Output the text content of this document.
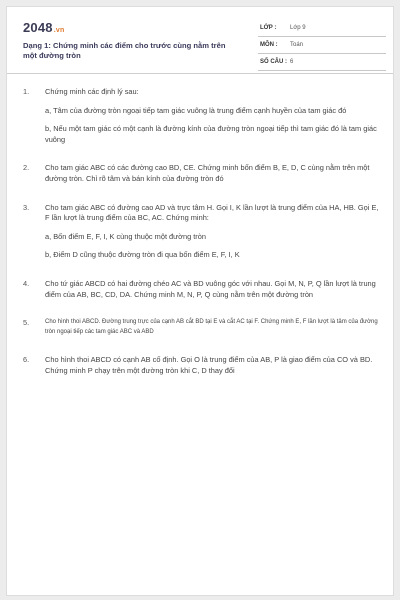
2048.vn
Dạng 1: Chứng minh các điểm cho trước cùng nằm trên một đường tròn
LỚP : Lớp 9
MÔN : Toán
SỐ CÂU : 6
1. Chứng minh các định lý sau:

a, Tâm của đường tròn ngoại tiếp tam giác vuông là trung điểm cạnh huyền của tam giác đó

b, Nếu một tam giác có một cạnh là đường kính của đường tròn ngoại tiếp thì tam giác đó là tam giác vuông

2. Cho tam giác ABC có các đường cao BD, CE. Chứng minh bốn điểm B, E, D, C cùng nằm trên một đường tròn. Chỉ rõ tâm và bán kính của đường tròn đó

3. Cho tam giác ABC có đường cao AD và trực tâm H. Gọi I, K lần lượt là trung điểm của HA, HB. Gọi E, F lần lượt là trung điểm của BC, AC. Chứng minh:

a, Bốn điểm E, F, I, K cùng thuộc một đường tròn

b, Điểm D cũng thuộc đường tròn đi qua bốn điểm E, F, I, K

4. Cho tứ giác ABCD có hai đường chéo AC và BD vuông góc với nhau. Gọi M, N, P, Q lần lượt là trung điểm của AB, BC, CD, DA. Chứng minh M, N, P, Q cùng nằm trên một đường tròn

5.	Cho hình thoi ABCD. Đường trung trực của cạnh AB cắt BD tại E và cắt AC tại F. Chứng minh E, F lần lượt là tâm của đường tròn ngoại tiếp các tam giác ABC và ABD

6. Cho hình thoi ABCD có cạnh AB cố định. Gọi O là trung điểm của AB, P là giao điểm của CO và BD. Chứng minh P chạy trên một đường tròn khi C, D thay đổi
